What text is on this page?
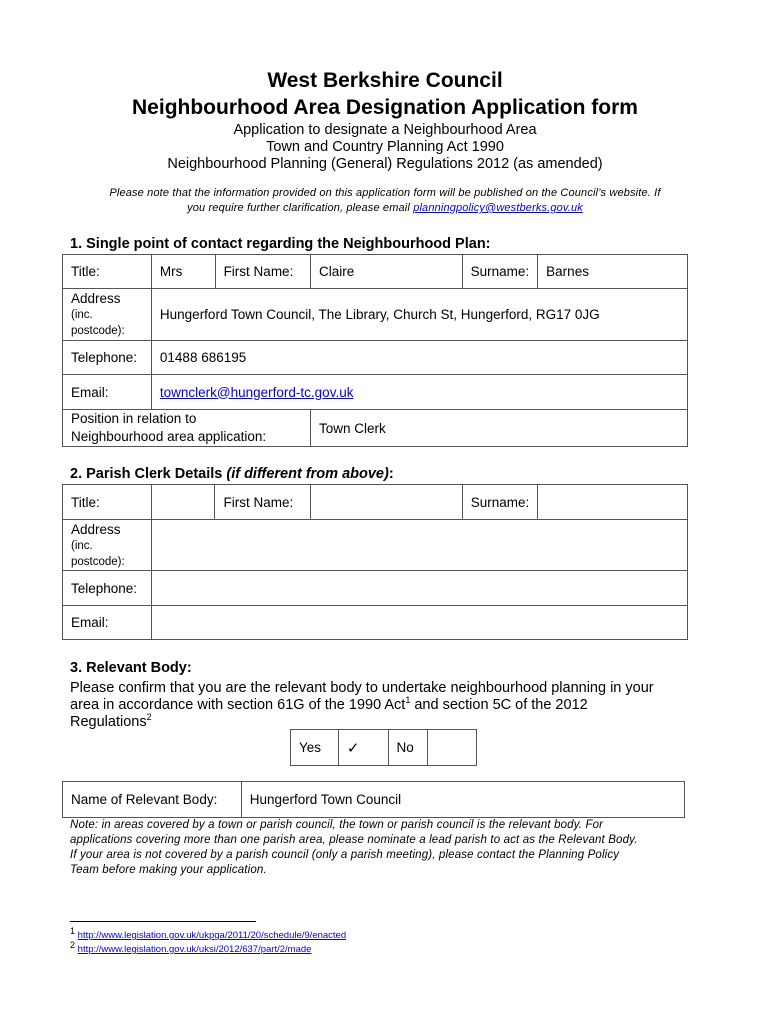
West Berkshire Council
Neighbourhood Area Designation Application form
Application to designate a Neighbourhood Area
Town and Country Planning Act 1990
Neighbourhood Planning (General) Regulations 2012 (as amended)
Please note that the information provided on this application form will be published on the Council’s website. If
you require further clarification, please email planningpolicy@westberks.gov.uk
1. Single point of contact regarding the Neighbourhood Plan:
Title:	Mrs	First Name:	Claire	Surname:	Barnes

Address
(inc.
postcode):	Hungerford Town Council, The Library, Church St, Hungerford, RG17 0JG				
Telephone:	01488 686195				
Email:	townclerk@hungerford-tc.gov.uk				

Position in relation to
Neighbourhood area application:			Town Clerk		
2. Parish Clerk Details (if different from above):
Title:		First Name:		Surname:	

Address
(inc.
postcode):					

Telephone:					
Email:					
3. Relevant Body:
Please confirm that you are the relevant body to undertake neighbourhood planning in your
area in accordance with section 61G of the 1990 Act$^1$ and section 5C of the 2012
Regulations$^2$
Yes	✓	No	
Name of Relevant Body:	Hungerford Town Council
Note: in areas covered by a town or parish council, the town or parish council is the relevant body. For
applications covering more than one parish area, please nominate a lead parish to act as the Relevant Body.
If your area is not covered by a parish council (only a parish meeting), please contact the Planning Policy
Team before making your application.
$^1$ http://www.legislation.gov.uk/ukpga/2011/20/schedule/9/enacted
$^2$ http://www.legislation.gov.uk/uksi/2012/637/part/2/made
